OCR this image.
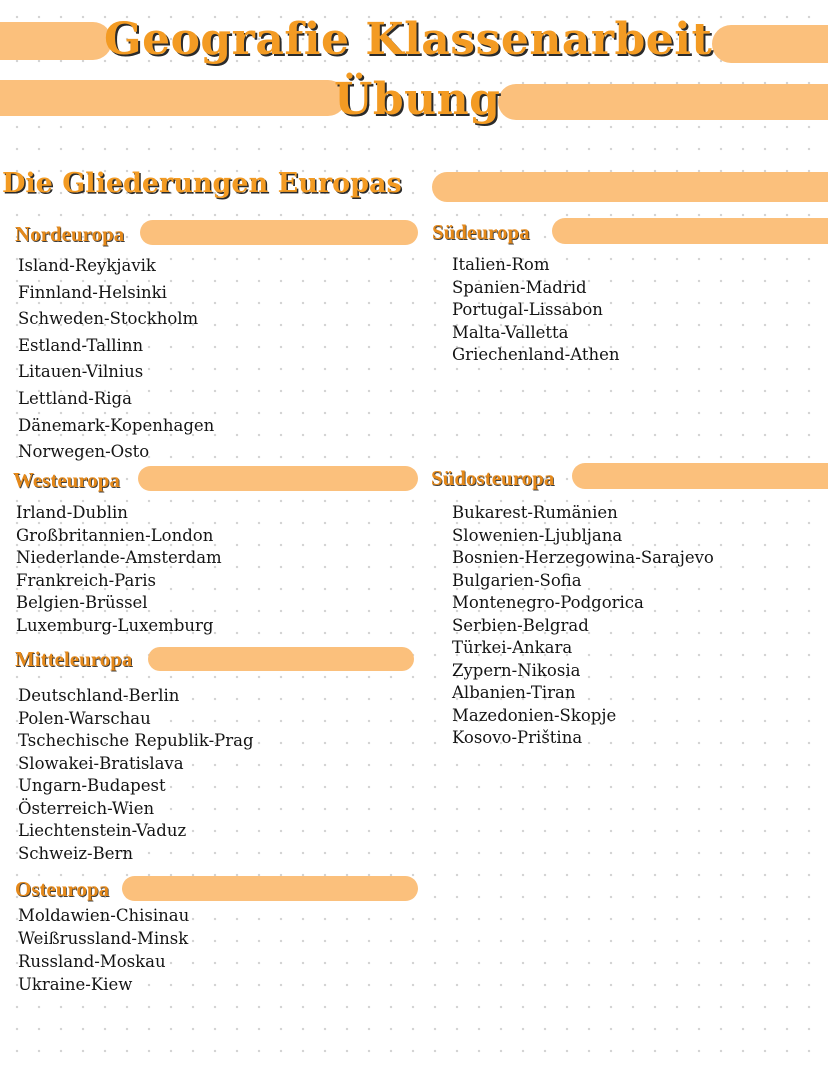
Geografie Klassenarbeit
Übung
Die Gliederungen Europas
Nordeuropa
Island-Reykjavik
Finnland-Helsinki
Schweden-Stockholm
Estland-Tallinn
Litauen-Vilnius
Lettland-Riga
Dänemark-Kopenhagen
Norwegen-Osto
Westeuropa
Irland-Dublin
Großbritannien-London
Niederlande-Amsterdam
Frankreich-Paris
Belgien-Brüssel
Luxemburg-Luxemburg
Mitteleuropa
Deutschland-Berlin
Polen-Warschau
Tschechische Republik-Prag
Slowakei-Bratislava
Ungarn-Budapest
Österreich-Wien
Liechtenstein-Vaduz
Schweiz-Bern
Osteuropa
Moldawien-Chisinau
Weißrussland-Minsk
Russland-Moskau
Ukraine-Kiew
Südeuropa
Italien-Rom
Spanien-Madrid
Portugal-Lissabon
Malta-Valletta
Griechenland-Athen
Südosteuropa
Bukarest-Rumänien
Slowenien-Ljubljana
Bosnien-Herzegowina-Sarajevo
Bulgarien-Sofia
Montenegro-Podgorica
Serbien-Belgrad
Türkei-Ankara
Zypern-Nikosia
Albanien-Tiran
Mazedonien-Skopje
Kosovo-Priština
